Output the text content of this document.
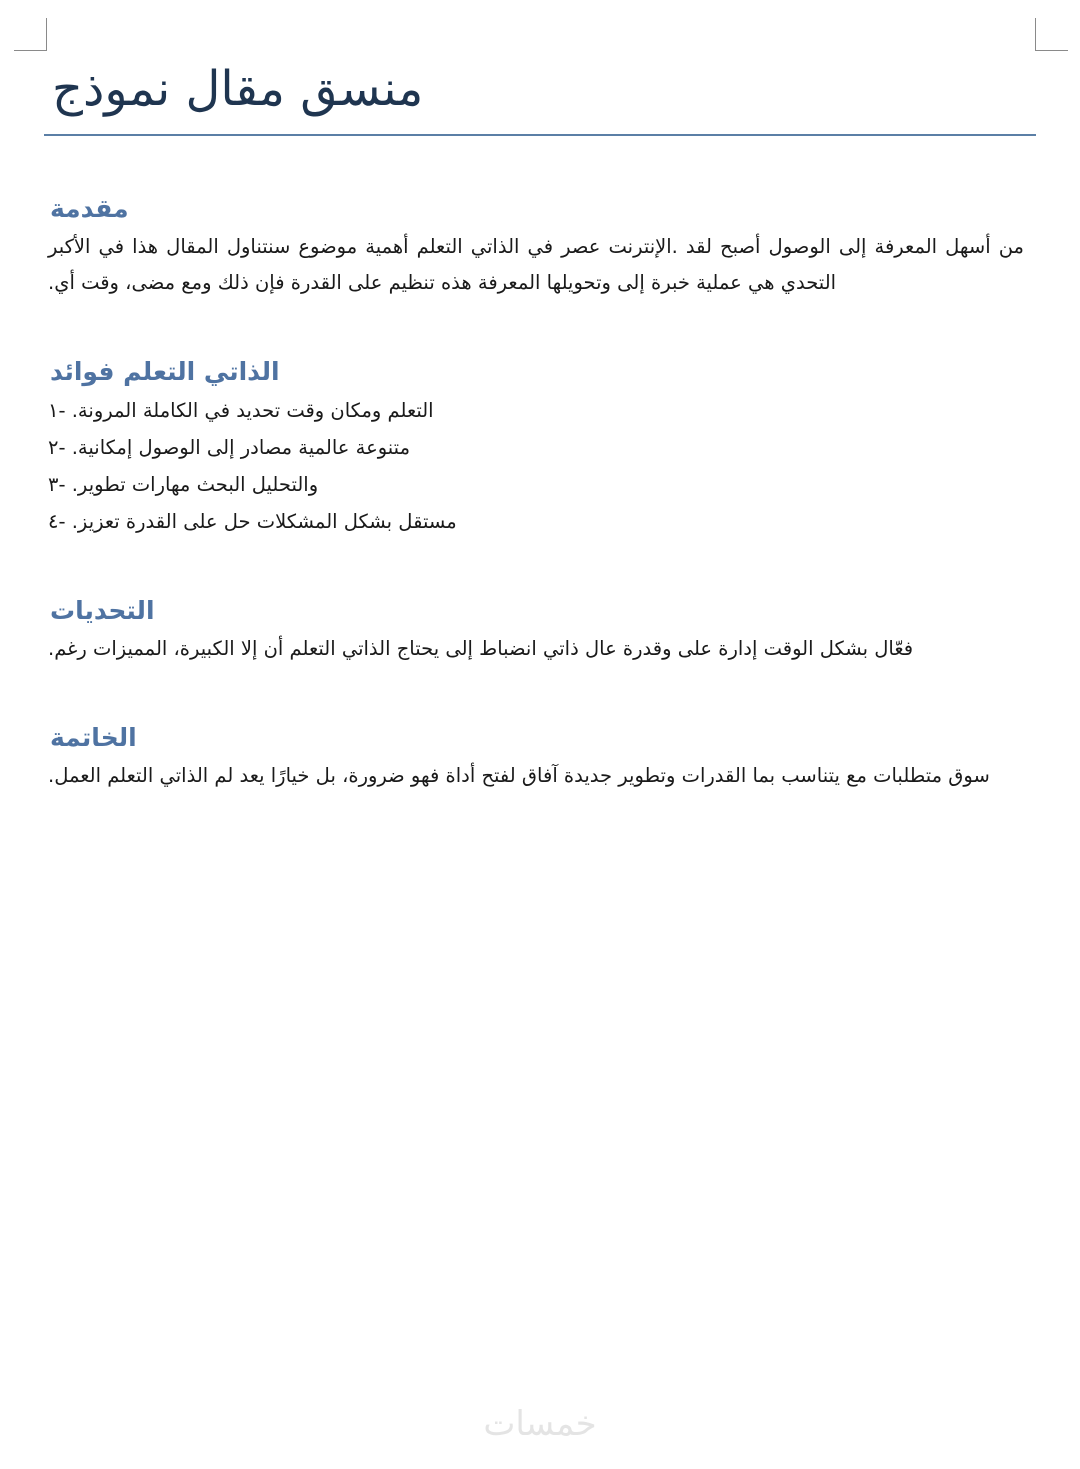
منسق مقال نموذج
مقدمة

من أسهل المعرفة إلى الوصول أصبح لقد .الإنترنت عصر في الذاتي التعلم أهمية موضوع سنتناول المقال هذا في الأكبر التحدي هي عملية خبرة إلى وتحويلها المعرفة هذه تنظيم على القدرة فإن ذلك ومع مضى، وقت أي.

الذاتي التعلم فوائد
١- التعلم ومكان وقت تحديد في الكاملة المرونة.
٢- متنوعة عالمية مصادر إلى الوصول إمكانية.
٣- والتحليل البحث مهارات تطوير.
٤- مستقل بشكل المشكلات حل على القدرة تعزيز.
التحديات

فعّال بشكل الوقت إدارة على وقدرة عال ذاتي انضباط إلى يحتاج الذاتي التعلم أن إلا الكبيرة، المميزات رغم.

الخاتمة

سوق متطلبات مع يتناسب بما القدرات وتطوير جديدة آفاق لفتح أداة فهو ضرورة، بل خيارًا يعد لم الذاتي التعلم العمل.

خمسات
